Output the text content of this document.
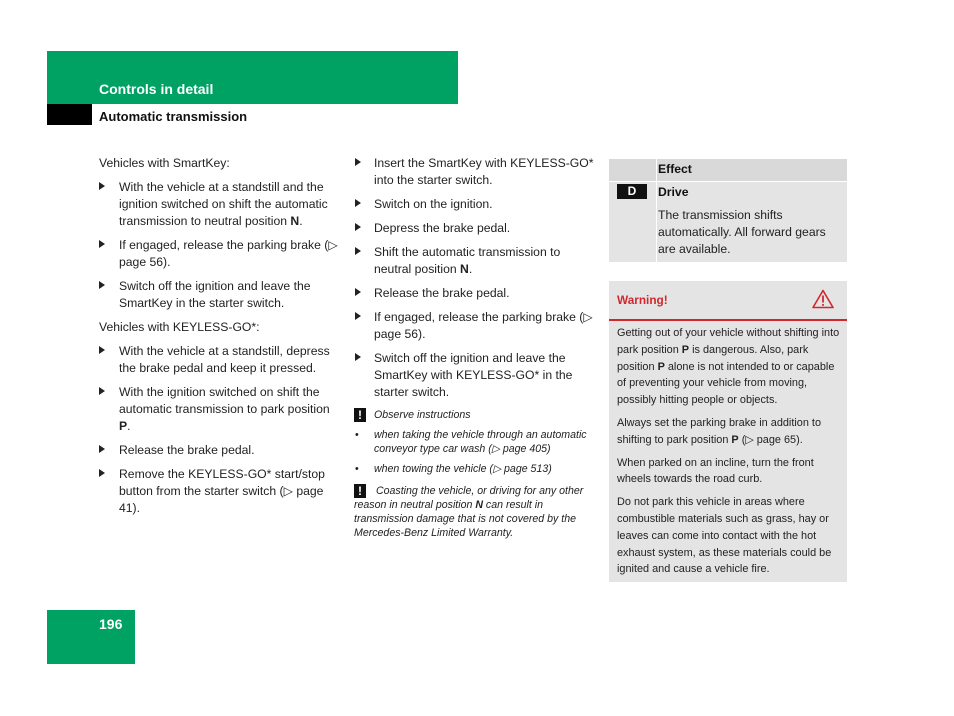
Controls in detail
Automatic transmission

Vehicles with SmartKey:

With the vehicle at a standstill and the ignition switched on shift the automatic transmission to neutral position N.
If engaged, release the parking brake (▷ page 56).
Switch off the ignition and leave the SmartKey in the starter switch.

Vehicles with KEYLESS-GO*:

With the vehicle at a standstill, depress the brake pedal and keep it pressed.
With the ignition switched on shift the automatic transmission to park position P.
Release the brake pedal.
Remove the KEYLESS-GO* start/stop button from the starter switch (▷ page 41).
Insert the SmartKey with KEYLESS-GO* into the starter switch.
Switch on the ignition.
Depress the brake pedal.
Shift the automatic transmission to neutral position N.
Release the brake pedal.
If engaged, release the parking brake (▷ page 56).
Switch off the ignition and leave the SmartKey with KEYLESS-GO* in the starter switch.
!	Observe instructions
• when taking the vehicle through an automatic conveyor type car wash (▷ page 405)
• when towing the vehicle (▷ page 513)
!	Coasting the vehicle, or driving for any other reason in neutral position N can result in transmission damage that is not covered by the Mercedes-Benz Limited Warranty.
Effect
D	Drive
The transmission shifts automatically. All forward gears are available.
Warning!

Getting out of your vehicle without shifting into park position P is dangerous. Also, park position P alone is not intended to or capable of preventing your vehicle from moving, possibly hitting people or objects.

Always set the parking brake in addition to shifting to park position P (▷ page 65).

When parked on an incline, turn the front wheels towards the road curb.

Do not park this vehicle in areas where combustible materials such as grass, hay or leaves can come into contact with the hot exhaust system, as these materials could be ignited and cause a vehicle fire.

196
